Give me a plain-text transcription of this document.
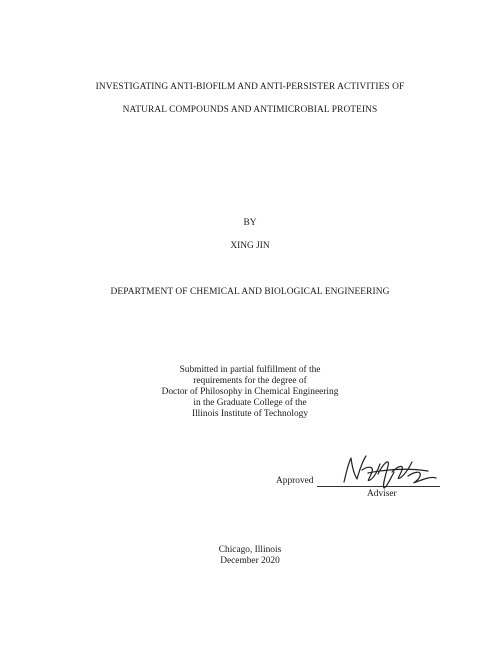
INVESTIGATING ANTI-BIOFILM AND ANTI-PERSISTER ACTIVITIES OF
NATURAL COMPOUNDS AND ANTIMICROBIAL PROTEINS
BY
XING JIN
DEPARTMENT OF CHEMICAL AND BIOLOGICAL ENGINEERING
Submitted in partial fulfillment of the
requirements for the degree of
Doctor of Philosophy in Chemical Engineering
in the Graduate College of the
Illinois Institute of Technology
Approved
Adviser
Chicago, Illinois
December 2020
